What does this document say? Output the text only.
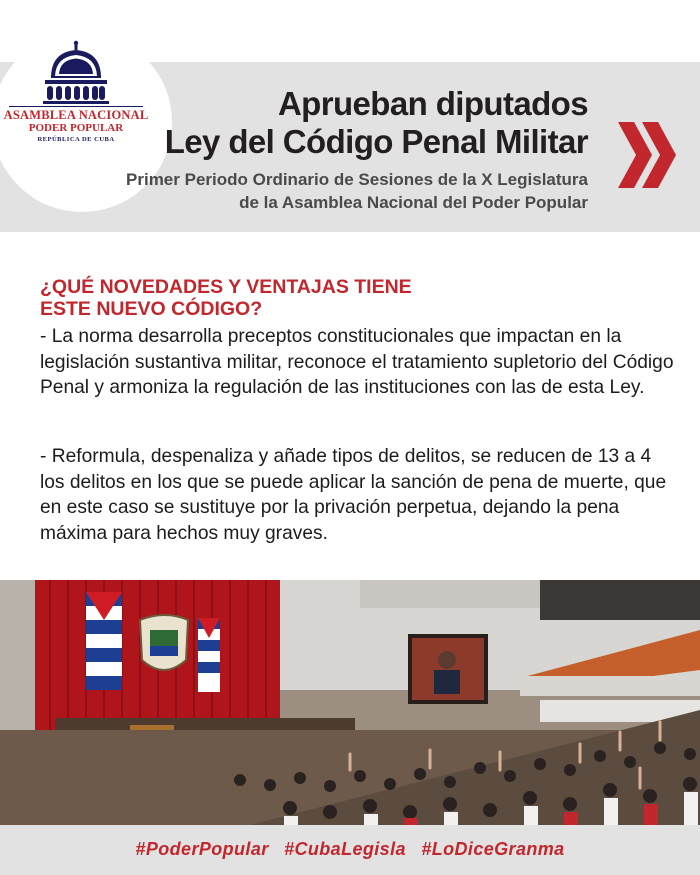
ASAMBLEA NACIONAL
PODER POPULAR
REPÚBLICA DE CUBA
Aprueban diputados
Ley del Código Penal Militar
Primer Periodo Ordinario de Sesiones de la X Legislatura
de la Asamblea Nacional del Poder Popular
¿QUÉ NOVEDADES Y VENTAJAS TIENE
ESTE NUEVO CÓDIGO?
- La norma desarrolla preceptos constitucionales que impactan en la legislación sustantiva militar, reconoce el tratamiento supletorio del Código Penal y armoniza la regulación de las instituciones con las de esta Ley.
- Reformula, despenaliza y añade tipos de delitos, se reducen de 13 a 4 los delitos en los que se puede aplicar la sanción de pena de muerte, que en este caso se sustituye por la privación perpetua, dejando la pena máxima para hechos muy graves.
#PoderPopular #CubaLegisla #LoDiceGranma
